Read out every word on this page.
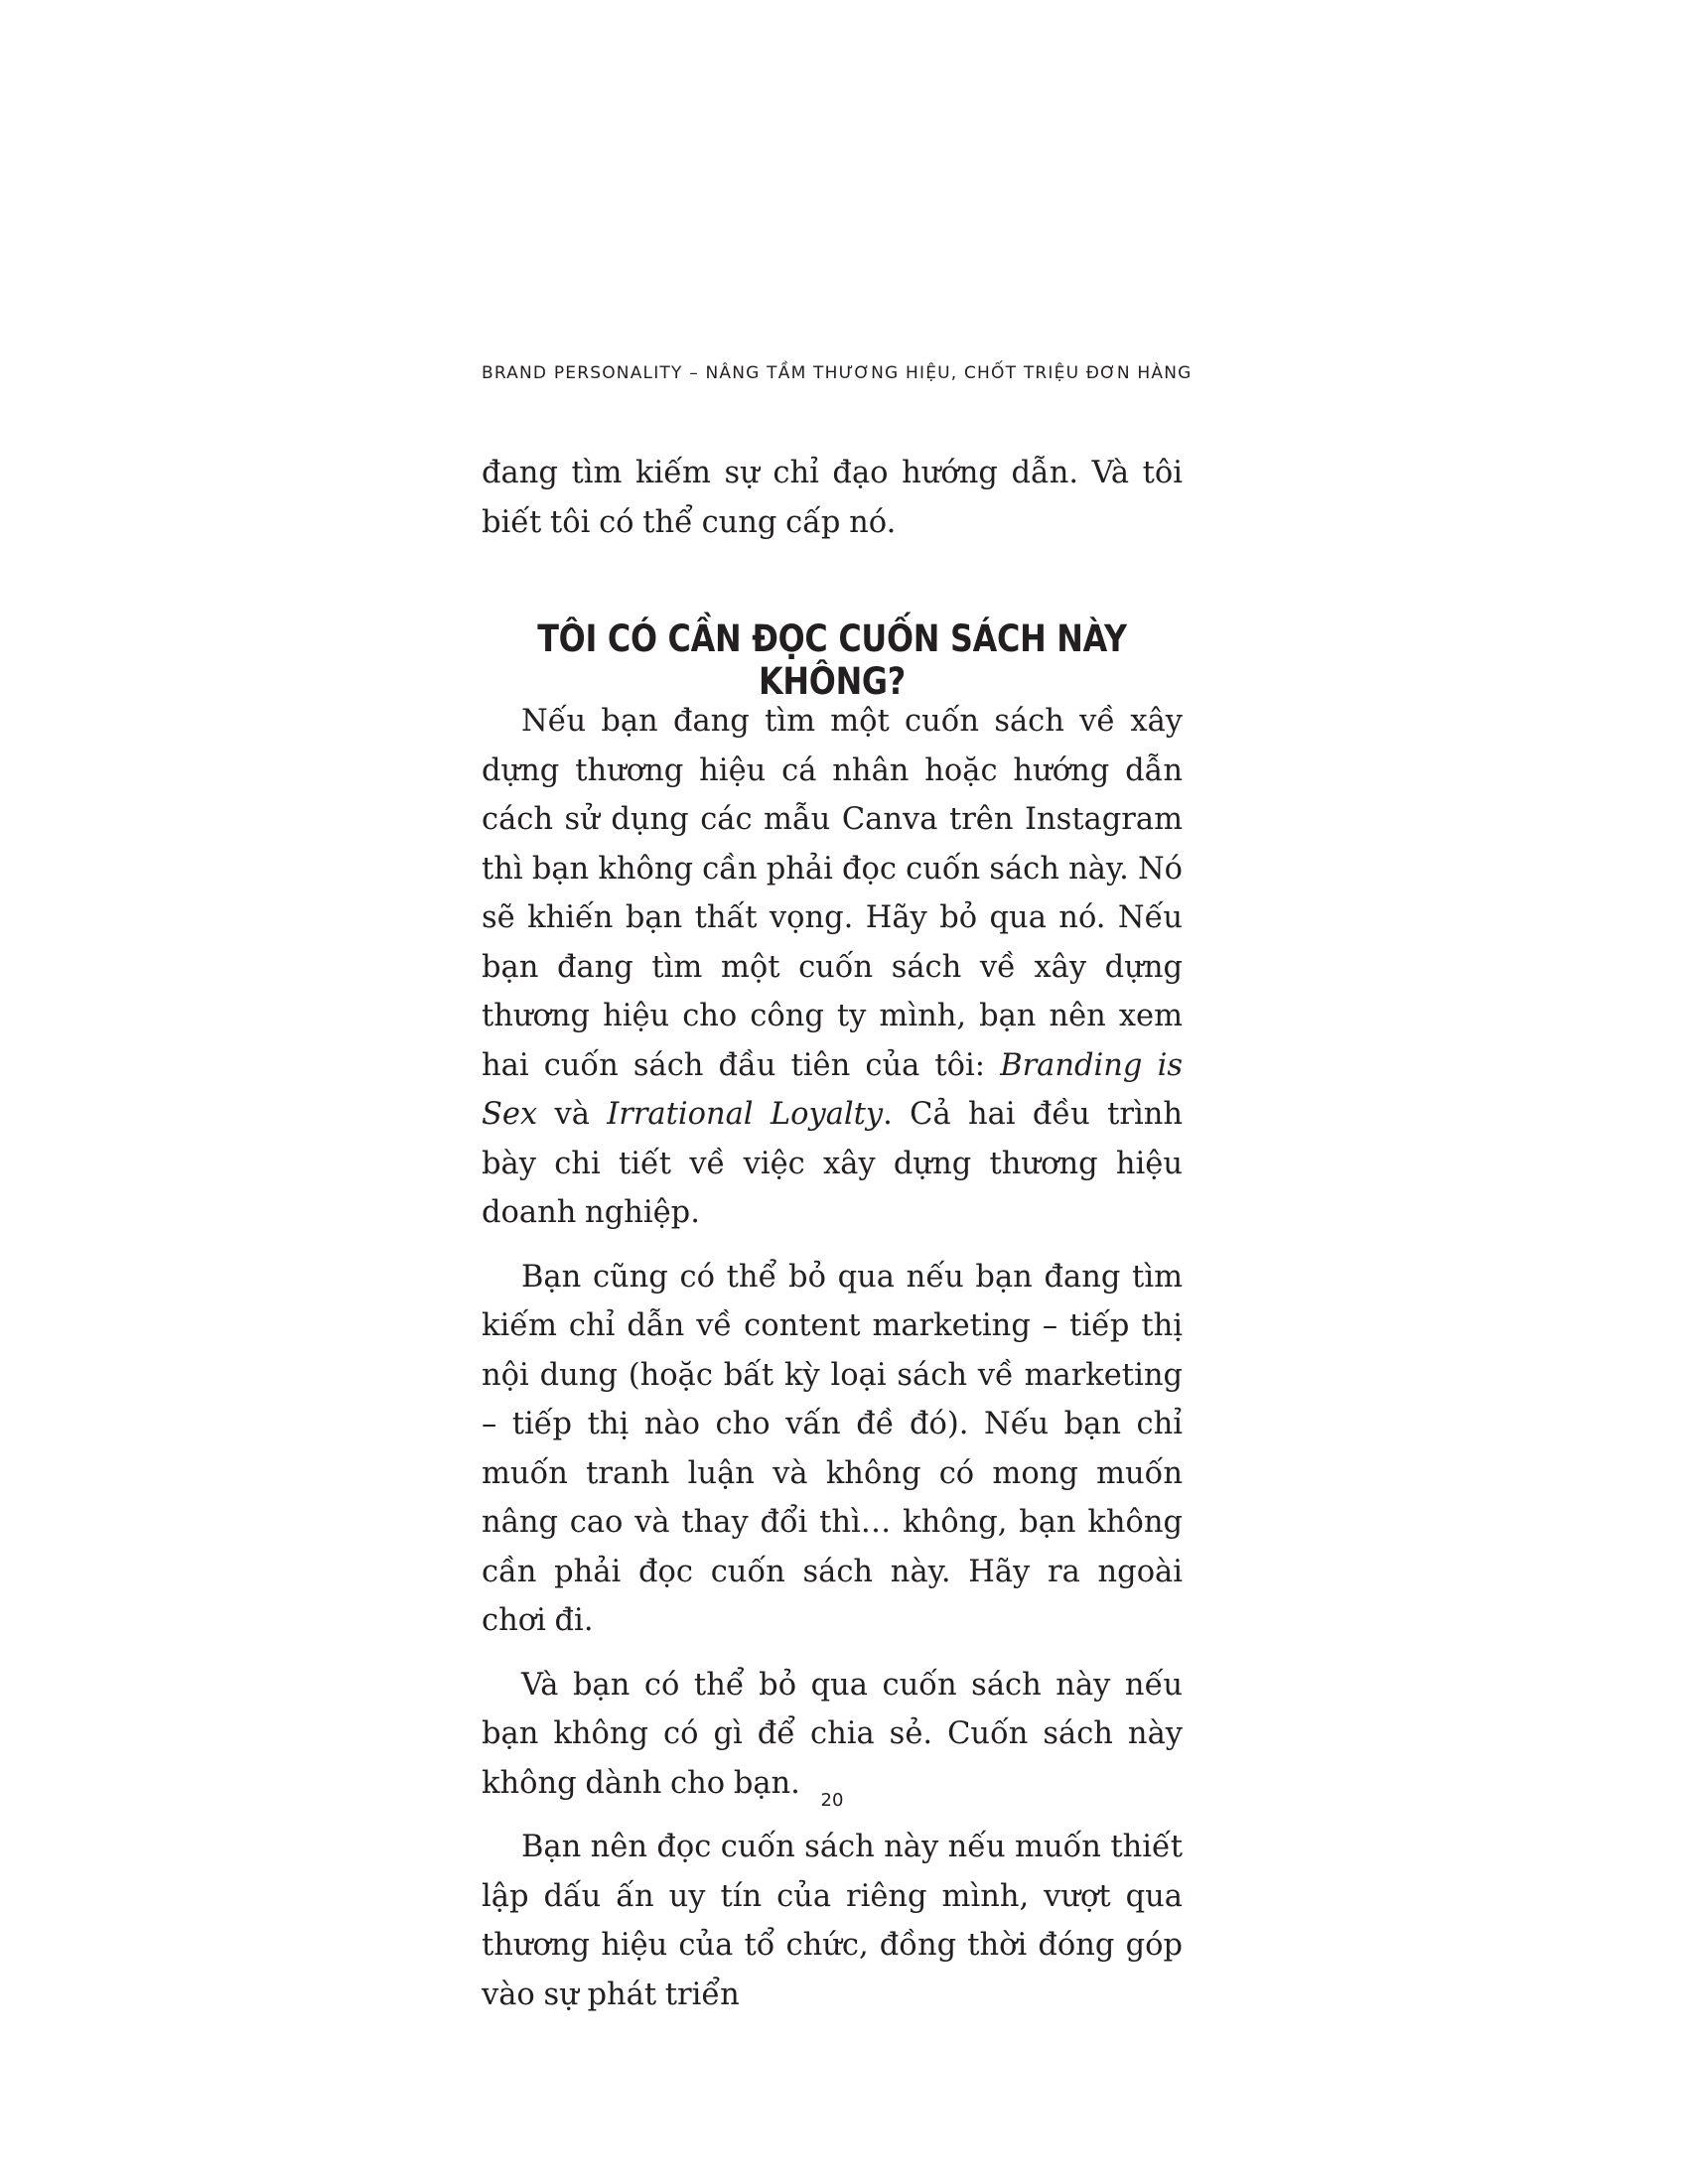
BRAND PERSONALITY – NÂNG TẦM THƯƠNG HIỆU, CHỐT TRIỆU ĐƠN HÀNG
đang tìm kiếm sự chỉ đạo hướng dẫn. Và tôi biết tôi có thể cung cấp nó.
TÔI CÓ CẦN ĐỌC CUỐN SÁCH NÀY KHÔNG?

Nếu bạn đang tìm một cuốn sách về xây dựng thương hiệu cá nhân hoặc hướng dẫn cách sử dụng các mẫu Canva trên Instagram thì bạn không cần phải đọc cuốn sách này. Nó sẽ khiến bạn thất vọng. Hãy bỏ qua nó. Nếu bạn đang tìm một cuốn sách về xây dựng thương hiệu cho công ty mình, bạn nên xem hai cuốn sách đầu tiên của tôi: Branding is Sex và Irrational Loyalty. Cả hai đều trình bày chi tiết về việc xây dựng thương hiệu doanh nghiệp.

Bạn cũng có thể bỏ qua nếu bạn đang tìm kiếm chỉ dẫn về content marketing – tiếp thị nội dung (hoặc bất kỳ loại sách về marketing – tiếp thị nào cho vấn đề đó). Nếu bạn chỉ muốn tranh luận và không có mong muốn nâng cao và thay đổi thì… không, bạn không cần phải đọc cuốn sách này. Hãy ra ngoài chơi đi.

Và bạn có thể bỏ qua cuốn sách này nếu bạn không có gì để chia sẻ. Cuốn sách này không dành cho bạn.

Bạn nên đọc cuốn sách này nếu muốn thiết lập dấu ấn uy tín của riêng mình, vượt qua thương hiệu của tổ chức, đồng thời đóng góp vào sự phát triển

20
